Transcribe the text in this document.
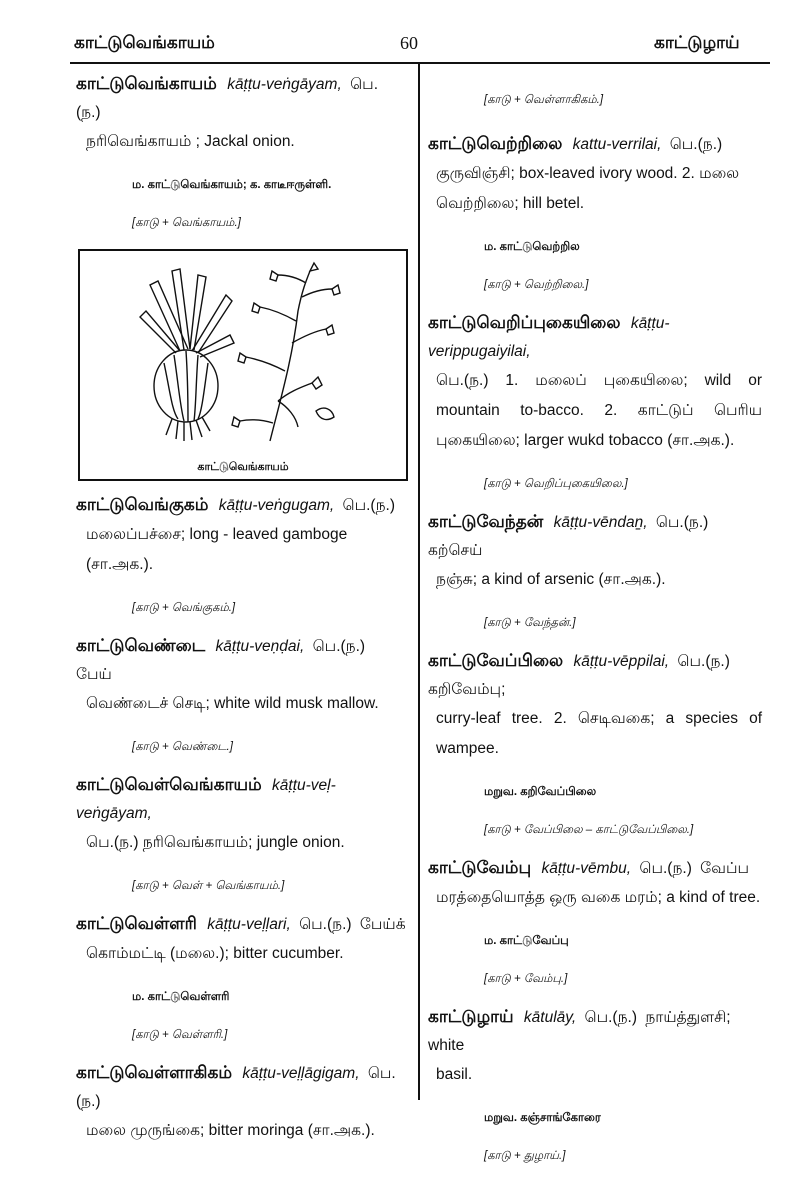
காட்டுவெங்காயம்	60	காட்டுழாய்
காட்டுவெங்காயம் kāṭṭu-veṅgāyam, பெ. (ந.)
நரிவெங்காயம் ; Jackal onion.
ம. காட்டுவெங்காயம்; க. காடீஈருள்ளி.
[காடு + வெங்காயம்.]
காட்டுவெங்காயம்
காட்டுவெங்குகம் kāṭṭu-veṅgugam, பெ.(ந.)
மலைப்பச்சை; long - leaved gamboge (சா.அக.).
[காடு + வெங்குகம்.]
காட்டுவெண்டை kāṭṭu-veṇḍai, பெ.(ந.) பேய்
வெண்டைச் செடி; white wild musk mallow.
[காடு + வெண்டை.]
காட்டுவெள்வெங்காயம் kāṭṭu-veḷ-veṅgāyam,
பெ.(ந.) நரிவெங்காயம்; jungle onion.
[காடு + வெள் + வெங்காயம்.]
காட்டுவெள்ளரி kāṭṭu-veḷḷari, பெ.(ந.) பேய்க்
கொம்மட்டி (மலை.); bitter cucumber.
ம. காட்டுவெள்ளரி
[காடு + வெள்ளரி.]
காட்டுவெள்ளாகிகம் kāṭṭu-veḷḷāgigam, பெ.(ந.)
மலை முருங்கை; bitter moringa (சா.அக.).
[காடு + வெள்ளாகிகம்.]
காட்டுவெற்றிலை kattu-verrilai, பெ.(ந.)
குருவிஞ்சி; box-leaved ivory wood. 2. மலை வெற்றிலை; hill betel.
ம. காட்டுவெற்றில
[காடு + வெற்றிலை.]
காட்டுவெறிப்புகையிலை kāṭṭu-verippugaiyilai,
பெ.(ந.) 1. மலைப் புகையிலை; wild or mountain to-bacco. 2. காட்டுப் பெரிய புகையிலை; larger wukd tobacco (சா.அக.).
[காடு + வெறிப்புகையிலை.]
காட்டுவேந்தன் kāṭṭu-vēndaṉ, பெ.(ந.) கற்செய்
நஞ்சு; a kind of arsenic (சா.அக.).
[காடு + வேந்தன்.]
காட்டுவேப்பிலை kāṭṭu-vēppilai, பெ.(ந.) கறிவேம்பு;
curry-leaf tree. 2. செடிவகை; a species of wampee.
மறுவ. கறிவேப்பிலை
[காடு + வேப்பிலை – காட்டுவேப்பிலை.]
காட்டுவேம்பு kāṭṭu-vēmbu, பெ.(ந.) வேப்ப
மரத்தையொத்த ஒரு வகை மரம்; a kind of tree.
ம. காட்டுவேப்பு
[காடு + வேம்பு.]
காட்டுழாய் kātulāy, பெ.(ந.) நாய்த்துளசி; white
basil.
மறுவ. கஞ்சாங்கோரை
[காடு + துழாய்.]
